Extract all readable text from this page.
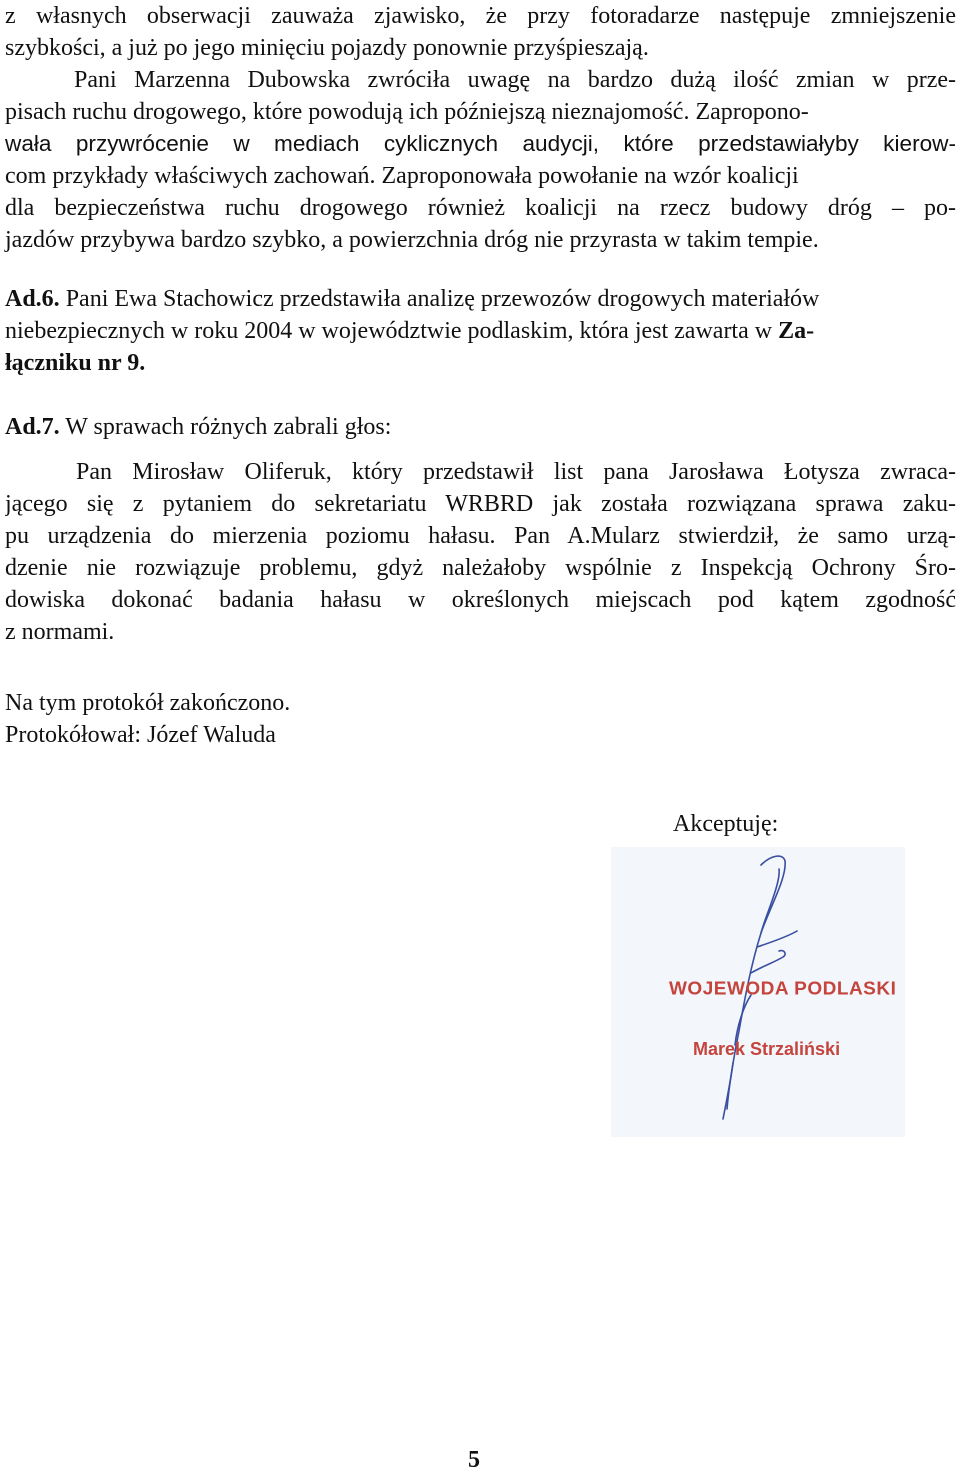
z własnych obserwacji zauważa zjawisko, że przy fotoradarze następuje zmniejszenie
szybkości, a już po jego minięciu pojazdy ponownie przyśpieszają.
Pani Marzenna Dubowska zwróciła uwagę na bardzo dużą ilość zmian w prze-
pisach ruchu drogowego, które powodują ich późniejszą nieznajomość. Zapropono-
wała przywrócenie w mediach cyklicznych audycji, które przedstawiałyby kierow-
com przykłady właściwych zachowań. Zaproponowała powołanie na wzór koalicji
dla bezpieczeństwa ruchu drogowego również koalicji na rzecz budowy dróg – po-
jazdów przybywa bardzo szybko, a powierzchnia dróg nie przyrasta w takim tempie.
Ad.6. Pani Ewa Stachowicz przedstawiła analizę przewozów drogowych materiałów
niebezpiecznych w roku 2004 w województwie podlaskim, która jest zawarta w Za-
łączniku nr 9.
Ad.7. W sprawach różnych zabrali głos:
Pan Mirosław Oliferuk, który przedstawił list pana Jarosława Łotysza zwraca-
jącego się z pytaniem do sekretariatu WRBRD jak została rozwiązana sprawa zaku-
pu urządzenia do mierzenia poziomu hałasu. Pan A.Mularz stwierdził, że samo urzą-
dzenie nie rozwiązuje problemu, gdyż należałoby wspólnie z Inspekcją Ochrony Śro-
dowiska dokonać badania hałasu w określonych miejscach pod kątem zgodność
z normami.
Na tym protokół zakończono.
Protokółował: Józef Waluda
Akceptuję:
WOJEWODA PODLASKI
Marek Strzaliński
5
